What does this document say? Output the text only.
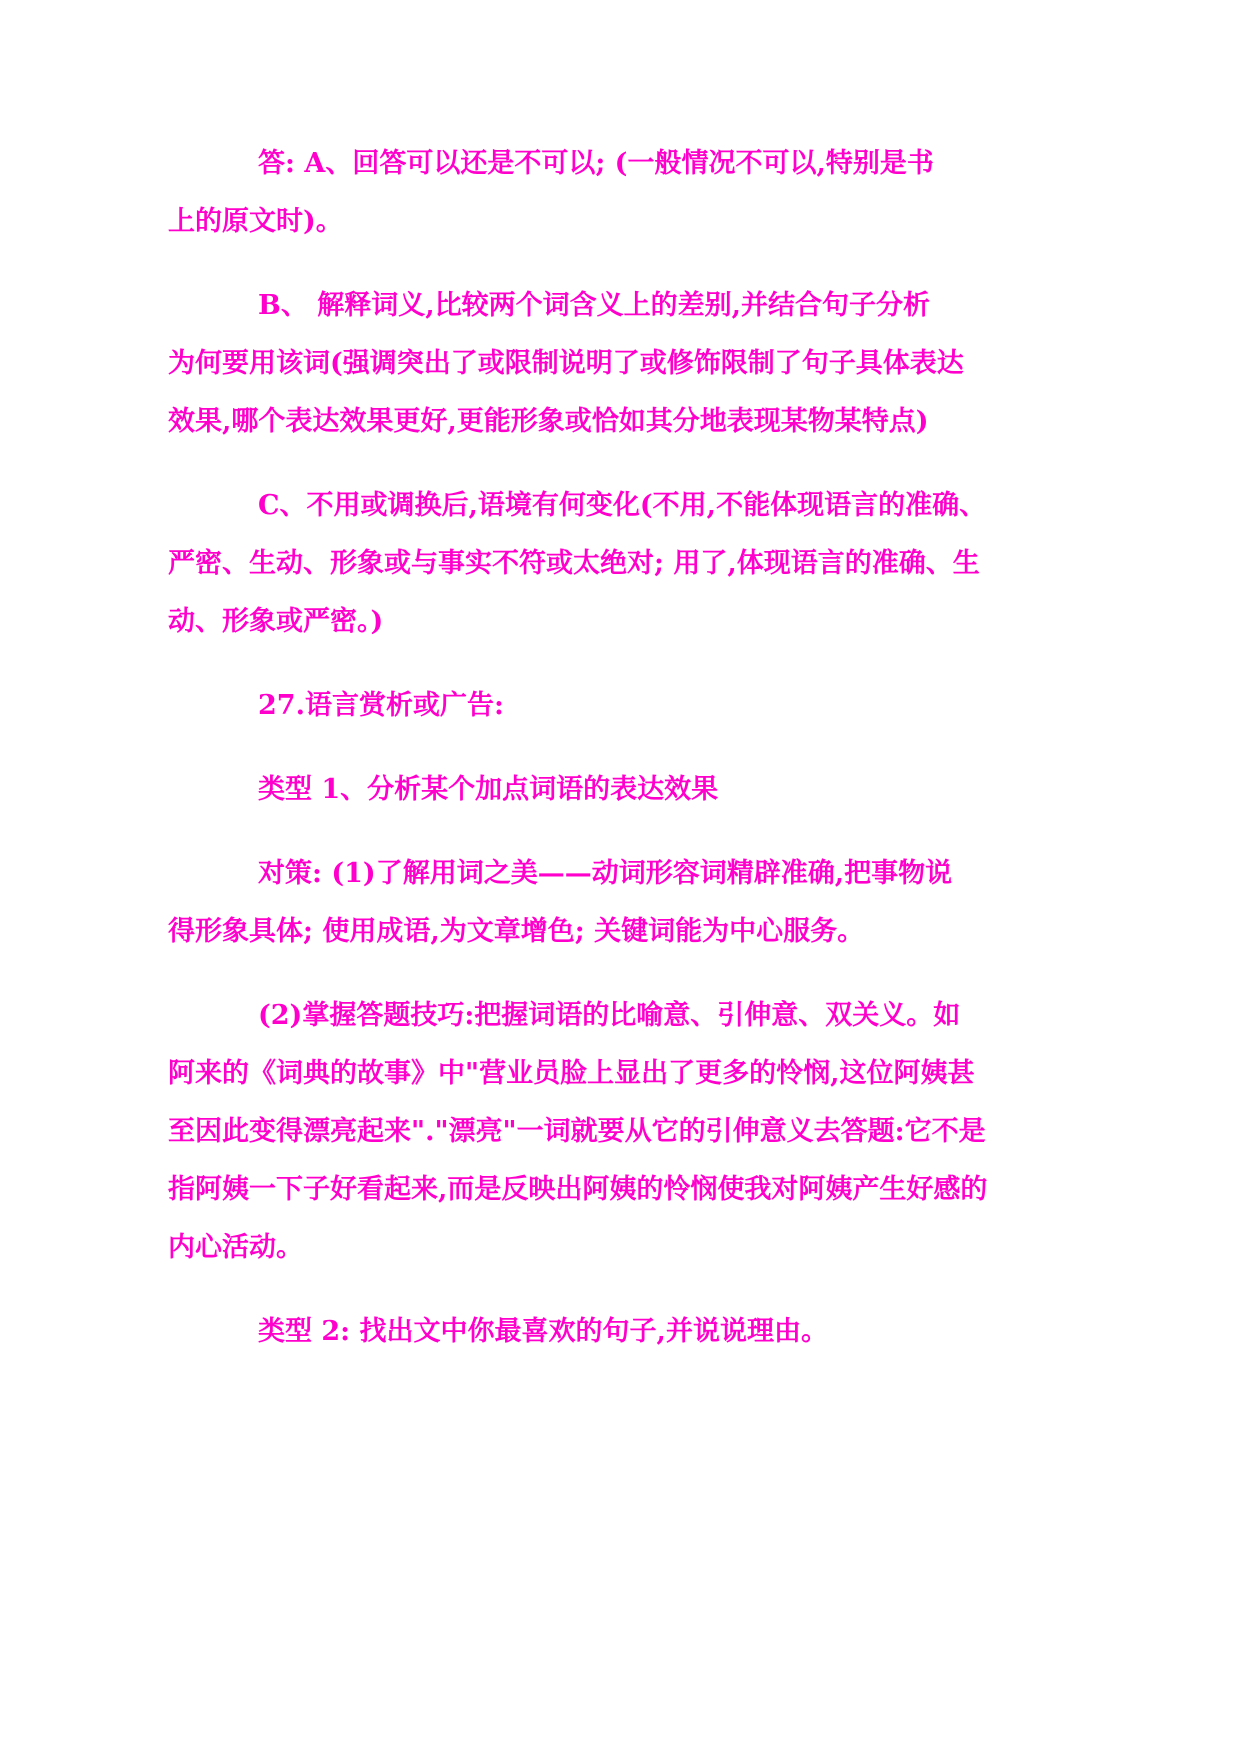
答: A、回答可以还是不可以; (一般情况不可以,特别是书

上的原文时)。

B、 解释词义,比较两个词含义上的差别,并结合句子分析

为何要用该词(强调突出了或限制说明了或修饰限制了句子具体表达

效果,哪个表达效果更好,更能形象或恰如其分地表现某物某特点)

C、不用或调换后,语境有何变化(不用,不能体现语言的准确、

严密、生动、形象或与事实不符或太绝对; 用了,体现语言的准确、生

动、形象或严密。)

27.语言赏析或广告:

类型 1、分析某个加点词语的表达效果

对策: (1)了解用词之美——动词形容词精辟准确,把事物说

得形象具体; 使用成语,为文章增色; 关键词能为中心服务。

(2)掌握答题技巧:把握词语的比喻意、引伸意、双关义。如

阿来的《词典的故事》中"营业员脸上显出了更多的怜悯,这位阿姨甚

至因此变得漂亮起来"."漂亮"一词就要从它的引伸意义去答题:它不是

指阿姨一下子好看起来,而是反映出阿姨的怜悯使我对阿姨产生好感的

内心活动。

类型 2: 找出文中你最喜欢的句子,并说说理由。
